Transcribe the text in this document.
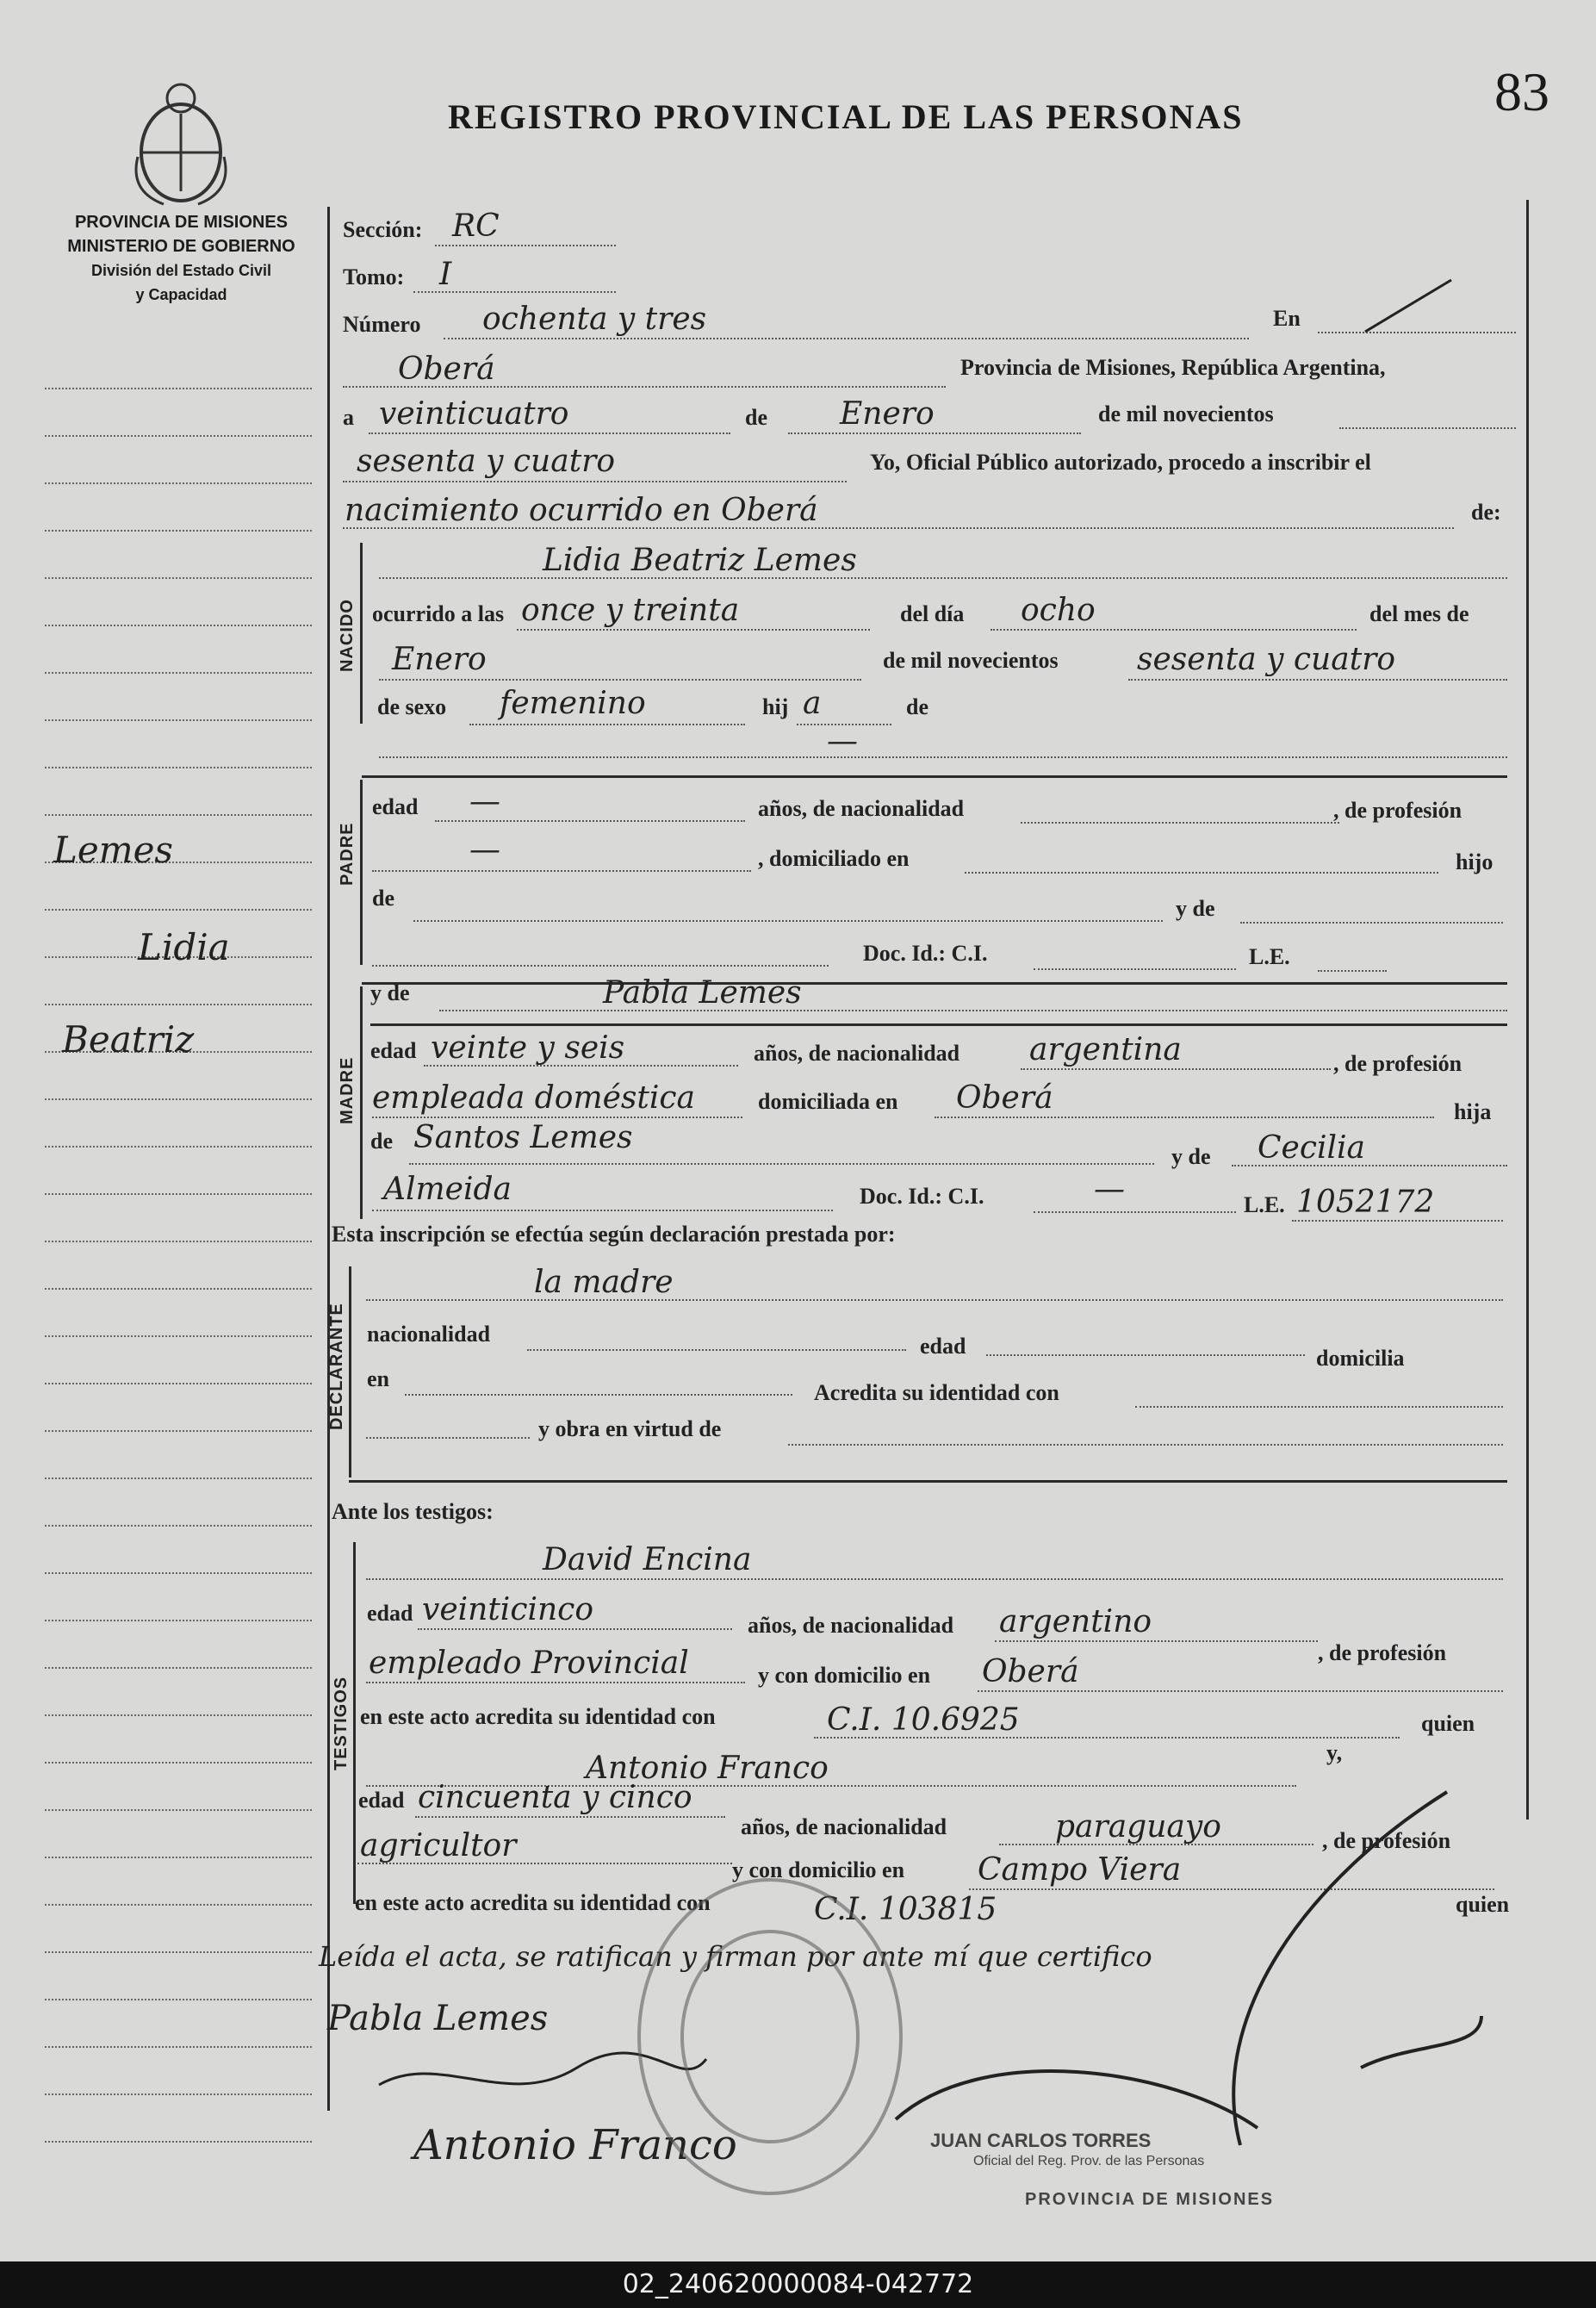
PROVINCIA DE MISIONES
MINISTERIO DE GOBIERNO
División del Estado Civil
y Capacidad
REGISTRO PROVINCIAL DE LAS PERSONAS	83
Lemes
Lidia
Beatriz
Sección: RC
Tomo: I
Número ochenta y tres	En
Oberá	Provincia de Misiones, República Argentina,
a veinticuatro	de Enero	de mil novecientos
sesenta y cuatro	Yo, Oficial Público autorizado, procedo a inscribir el
nacimiento ocurrido en Oberá	de:
NACIDO
Lidia Beatriz Lemes
ocurrido a las once y treinta	del día ocho	del mes de
Enero	de mil novecientos	sesenta y cuatro
de sexo femenino	hij a	de
—
PADRE
edad —	años, de nacionalidad	, de profesión
—	, domiciliado en	hijo
de	y de
Doc. Id.: C.I.	L.E.
MADRE
y de	Pabla Lemes
edad veinte y seis	años, de nacionalidad argentina	, de profesión
empleada doméstica	domiciliada en Oberá	hija
de Santos Lemes
y de Cecilia
Almeida	Doc. Id.: C.I.	—	L.E. 1052172
Esta inscripción se efectúa según declaración prestada por:
DECLARANTE
la madre
nacionalidad	edad	domicilia
en
Acredita su identidad con
y obra en virtud de
Ante los testigos:
TESTIGOS
David Encina
edad veinticinco	años, de nacionalidad argentino
, de profesión
empleado Provincial	y con domicilio en Oberá
en este acto acredita su identidad con	C.I. 10.6925	quien
Antonio Franco	y,
edad cincuenta y cinco
años, de nacionalidad	paraguayo	, de profesión
agricultor
y con domicilio en Campo Viera
en este acto acredita su identidad con	C.I. 103815	quien
Leída el acta, se ratifican y firman por ante mí que certifico
Pabla Lemes
Antonio Franco	JUAN CARLOS TORRES
Oficial del Reg. Prov. de las Personas
PROVINCIA DE MISIONES
02_240620000084-042772
